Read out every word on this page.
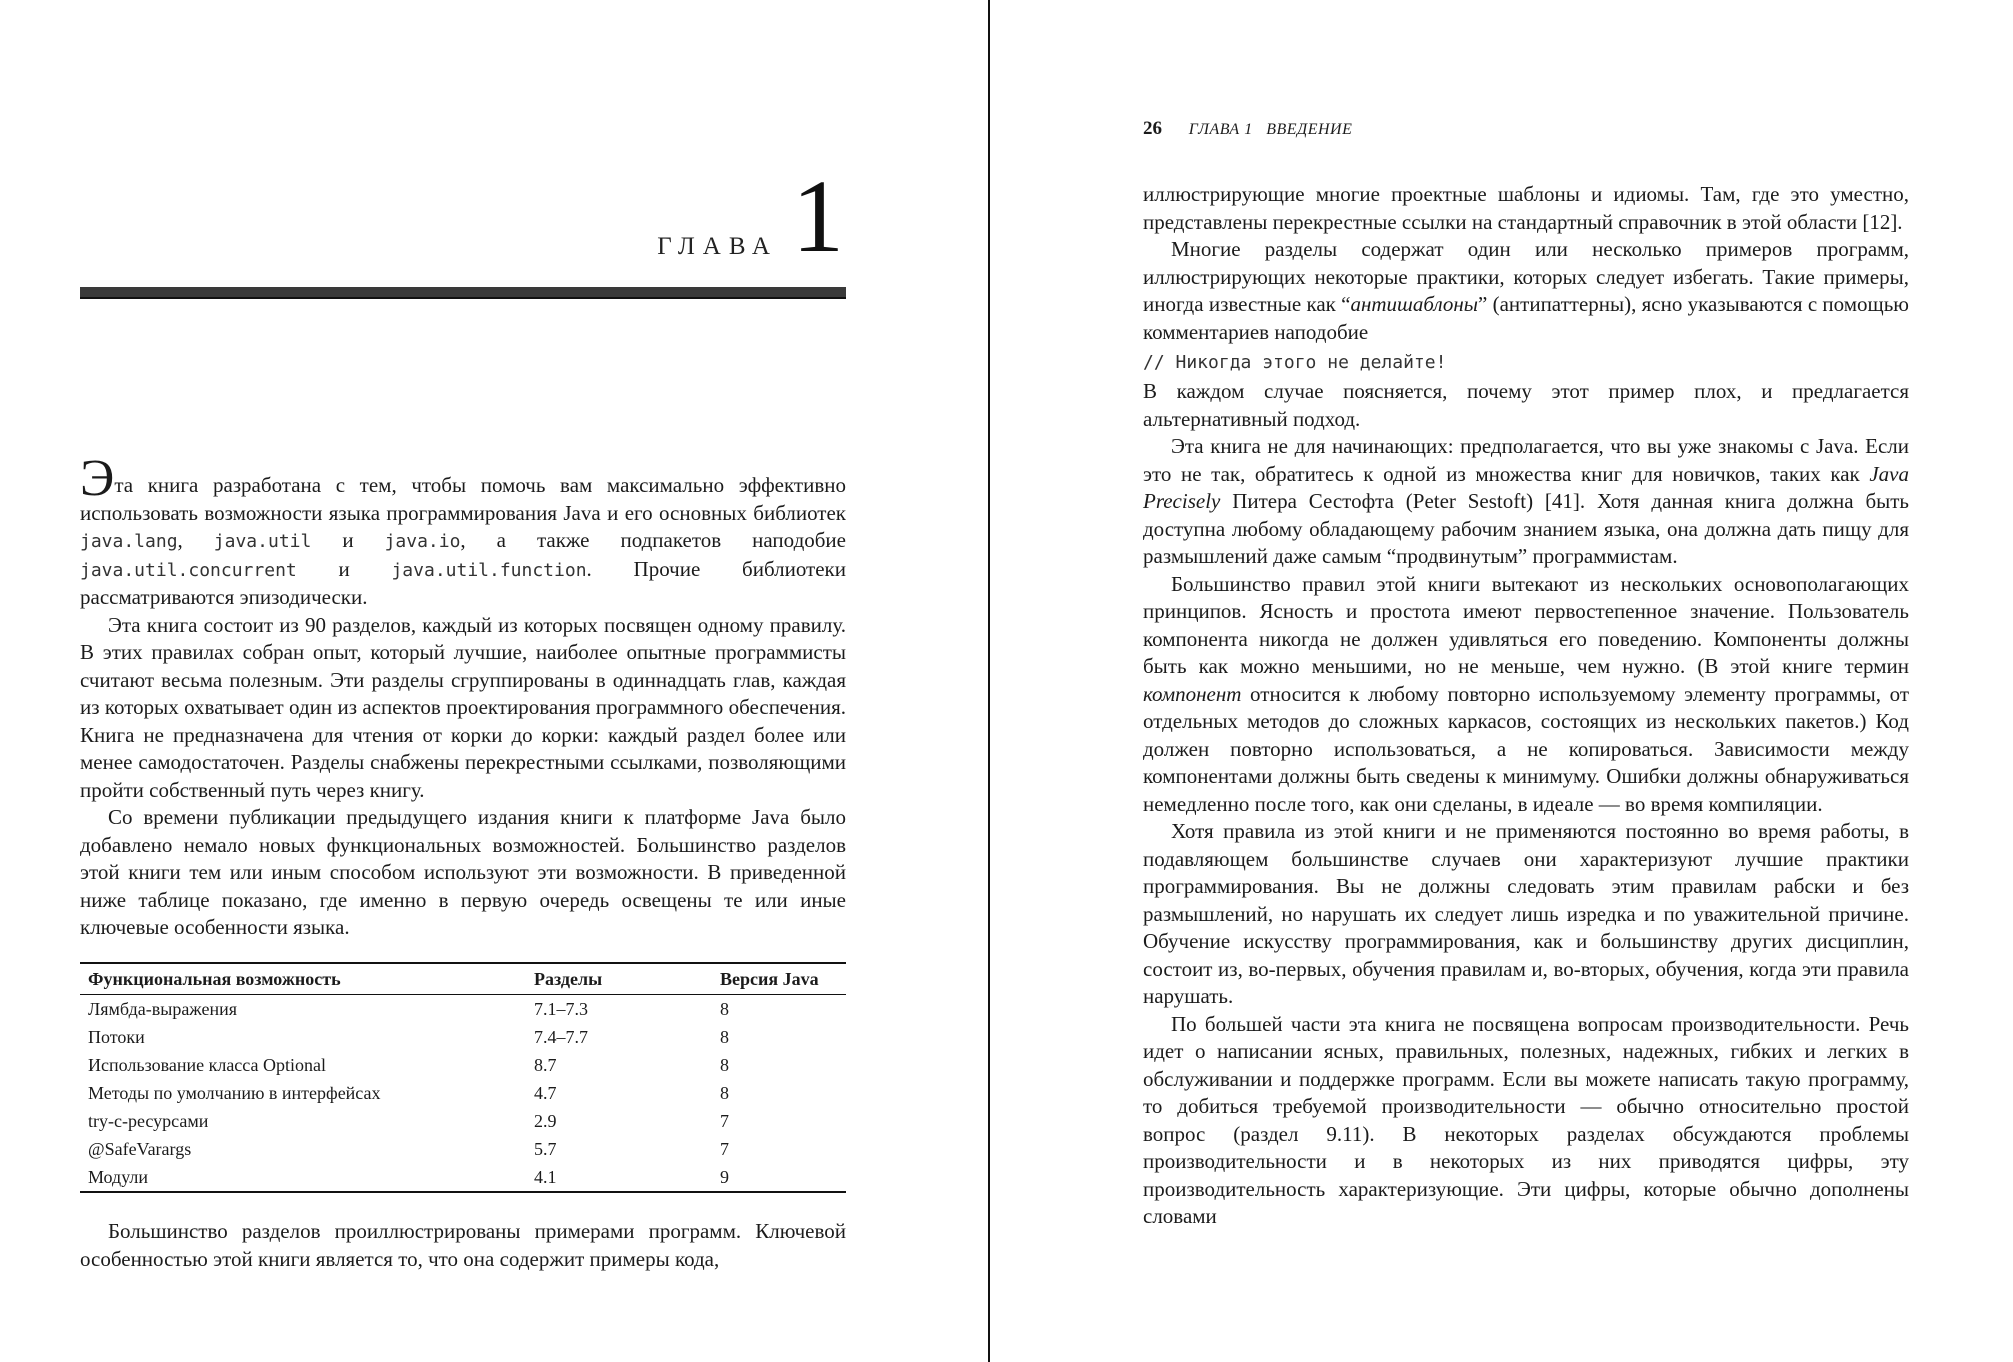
ГЛАВА 1

Эта книга разработана с тем, чтобы помочь вам максимально эффективно использовать возможности языка программирования Java и его основных библиотек java.lang, java.util и java.io, а также подпакетов наподобие java.util.concurrent и java.util.function. Прочие библиотеки рассматриваются эпизодически.

Эта книга состоит из 90 разделов, каждый из которых посвящен одному правилу. В этих правилах собран опыт, который лучшие, наиболее опытные программисты считают весьма полезным. Эти разделы сгруппированы в одиннадцать глав, каждая из которых охватывает один из аспектов проектирования программного обеспечения. Книга не предназначена для чтения от корки до корки: каждый раздел более или менее самодостаточен. Разделы снабжены перекрестными ссылками, позволяющими пройти собственный путь через книгу.

Со времени публикации предыдущего издания книги к платформе Java было добавлено немало новых функциональных возможностей. Большинство разделов этой книги тем или иным способом используют эти возможности. В приведенной ниже таблице показано, где именно в первую очередь освещены те или иные ключевые особенности языка.

Функциональная возможность	Разделы	Версия Java
Лямбда-выражения	7.1–7.3	8
Потоки	7.4–7.7	8
Использование класса Optional	8.7	8
Методы по умолчанию в интерфейсах	4.7	8
try-с-ресурсами	2.9	7
@SafeVarargs	5.7	7
Модули	4.1	9

Большинство разделов проиллюстрированы примерами программ. Ключевой особенностью этой книги является то, что она содержит примеры кода,

26 ГЛАВА 1   ВВЕДЕНИЕ

иллюстрирующие многие проектные шаблоны и идиомы. Там, где это уместно, представлены перекрестные ссылки на стандартный справочник в этой области [12].

Многие разделы содержат один или несколько примеров программ, иллюстрирующих некоторые практики, которых следует избегать. Такие примеры, иногда известные как “антишаблоны” (антипаттерны), ясно указываются с помощью комментариев наподобие

// Никогда этого не делайте!

В каждом случае поясняется, почему этот пример плох, и предлагается альтернативный подход.

Эта книга не для начинающих: предполагается, что вы уже знакомы с Java. Если это не так, обратитесь к одной из множества книг для новичков, таких как Java Precisely Питера Сестофта (Peter Sestoft) [41]. Хотя данная книга должна быть доступна любому обладающему рабочим знанием языка, она должна дать пищу для размышлений даже самым “продвинутым” программистам.

Большинство правил этой книги вытекают из нескольких основополагающих принципов. Ясность и простота имеют первостепенное значение. Пользователь компонента никогда не должен удивляться его поведению. Компоненты должны быть как можно меньшими, но не меньше, чем нужно. (В этой книге термин компонент относится к любому повторно используемому элементу программы, от отдельных методов до сложных каркасов, состоящих из нескольких пакетов.) Код должен повторно использоваться, а не копироваться. Зависимости между компонентами должны быть сведены к минимуму. Ошибки должны обнаруживаться немедленно после того, как они сделаны, в идеале — во время компиляции.

Хотя правила из этой книги и не применяются постоянно во время работы, в подавляющем большинстве случаев они характеризуют лучшие практики программирования. Вы не должны следовать этим правилам рабски и без размышлений, но нарушать их следует лишь изредка и по уважительной причине. Обучение искусству программирования, как и большинству других дисциплин, состоит из, во-первых, обучения правилам и, во-вторых, обучения, когда эти правила нарушать.

По большей части эта книга не посвящена вопросам производительности. Речь идет о написании ясных, правильных, полезных, надежных, гибких и легких в обслуживании и поддержке программ. Если вы можете написать такую программу, то добиться требуемой производительности — обычно относительно простой вопрос (раздел 9.11). В некоторых разделах обсуждаются проблемы производительности и в некоторых из них приводятся цифры, эту производительность характеризующие. Эти цифры, которые обычно дополнены словами
